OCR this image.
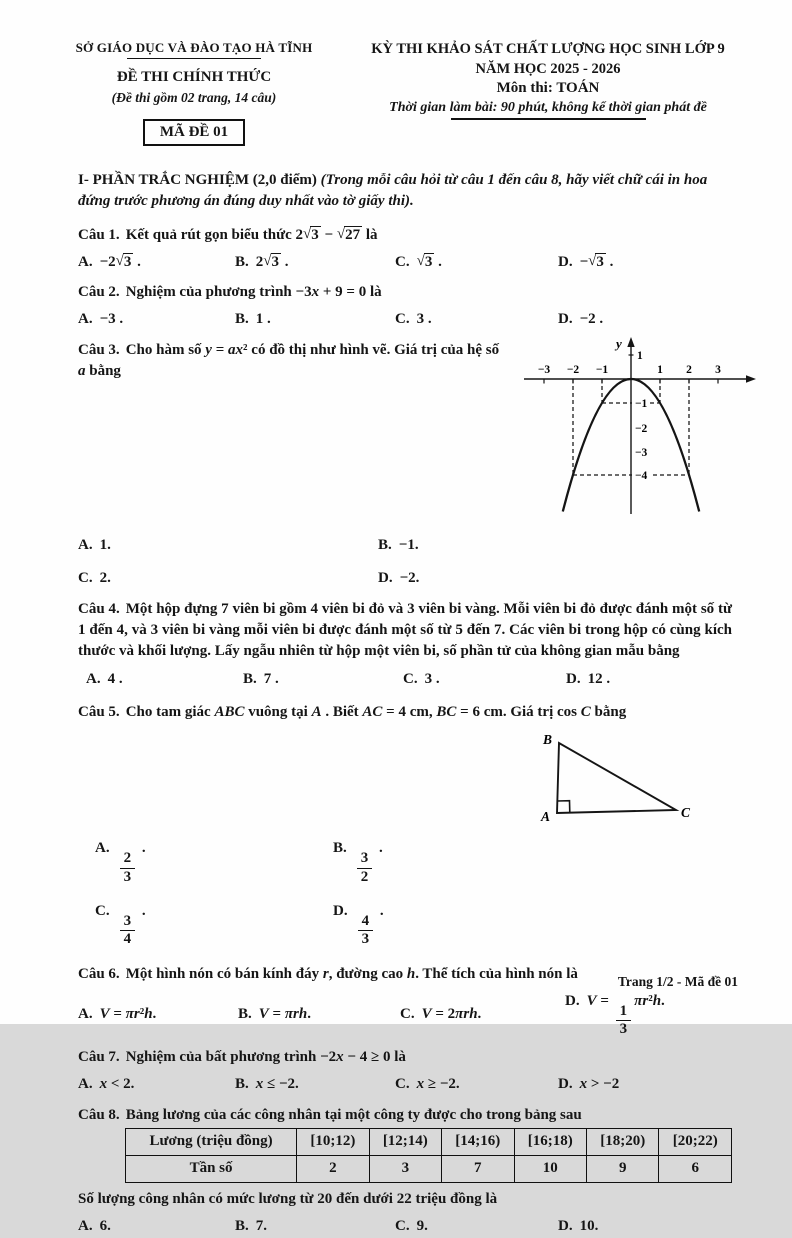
SỞ GIÁO DỤC VÀ ĐÀO TẠO HÀ TĨNH
ĐỀ THI CHÍNH THỨC
(Đề thi gồm 02 trang, 14 câu)
MÃ ĐỀ 01
KỲ THI KHẢO SÁT CHẤT LƯỢNG HỌC SINH LỚP 9
NĂM HỌC 2025 - 2026
Môn thi: TOÁN
Thời gian làm bài: 90 phút, không kể thời gian phát đề

I- PHẦN TRẮC NGHIỆM (2,0 điểm) (Trong mỗi câu hỏi từ câu 1 đến câu 8, hãy viết chữ cái in hoa đứng trước phương án đúng duy nhất vào tờ giấy thi).

Câu 1. Kết quả rút gọn biểu thức 2√3 − √27 là

A. −2√3 .	B. 2√3 .	C. √3 .	D. −√3 .

Câu 2. Nghiệm của phương trình −3x + 9 = 0 là

A. −3 .	B. 1 .	C. 3 .	D. −2 .
y
−3 −2 −1	1 2 3
1
−1
−2
−3
−4

Câu 3. Cho hàm số y = ax² có đồ thị như hình vẽ. Giá trị của hệ số a bằng

A. 1.	B. −1.
C. 2.	D. −2.

Câu 4. Một hộp đựng 7 viên bi gồm 4 viên bi đỏ và 3 viên bi vàng. Mỗi viên bi đỏ được đánh một số từ 1 đến 4, và 3 viên bi vàng mỗi viên bi được đánh một số từ 5 đến 7. Các viên bi trong hộp có cùng kích thước và khối lượng. Lấy ngẫu nhiên từ hộp một viên bi, số phần tử của không gian mẫu bằng

A. 4 .	B. 7 .	C. 3 .	D. 12 .

Câu 5. Cho tam giác ABC vuông tại A . Biết AC = 4 cm, BC = 6 cm. Giá trị cos C bằng

B
A	C
A.
$\frac{2}{3}$
.	B.
$\frac{3}{2}$
.
C.
$\frac{3}{4}$
.	D.
$\frac{4}{3}$
.

Câu 6. Một hình nón có bán kính đáy r, đường cao h. Thể tích của hình nón là

A. V = πr²h.	B. V = πrh.	C. V = 2πrh.
D. V =
$\frac{1}{3}$
πr²h.

Câu 7. Nghiệm của bất phương trình −2x − 4 ≥ 0 là

A. x < 2.	B. x ≤ −2.	C. x ≥ −2.	D. x > −2

Câu 8. Bảng lương của các công nhân tại một công ty được cho trong bảng sau

Lương (triệu đồng)	[10;12)	[12;14)	[14;16)	[16;18)	[18;20)	[20;22)
Tần số	2	3	7	10	9	6

Số lượng công nhân có mức lương từ 20 đến dưới 22 triệu đồng là

A. 6.	B. 7.	C. 9.	D. 10.
Trang 1/2 - Mã đề 01
